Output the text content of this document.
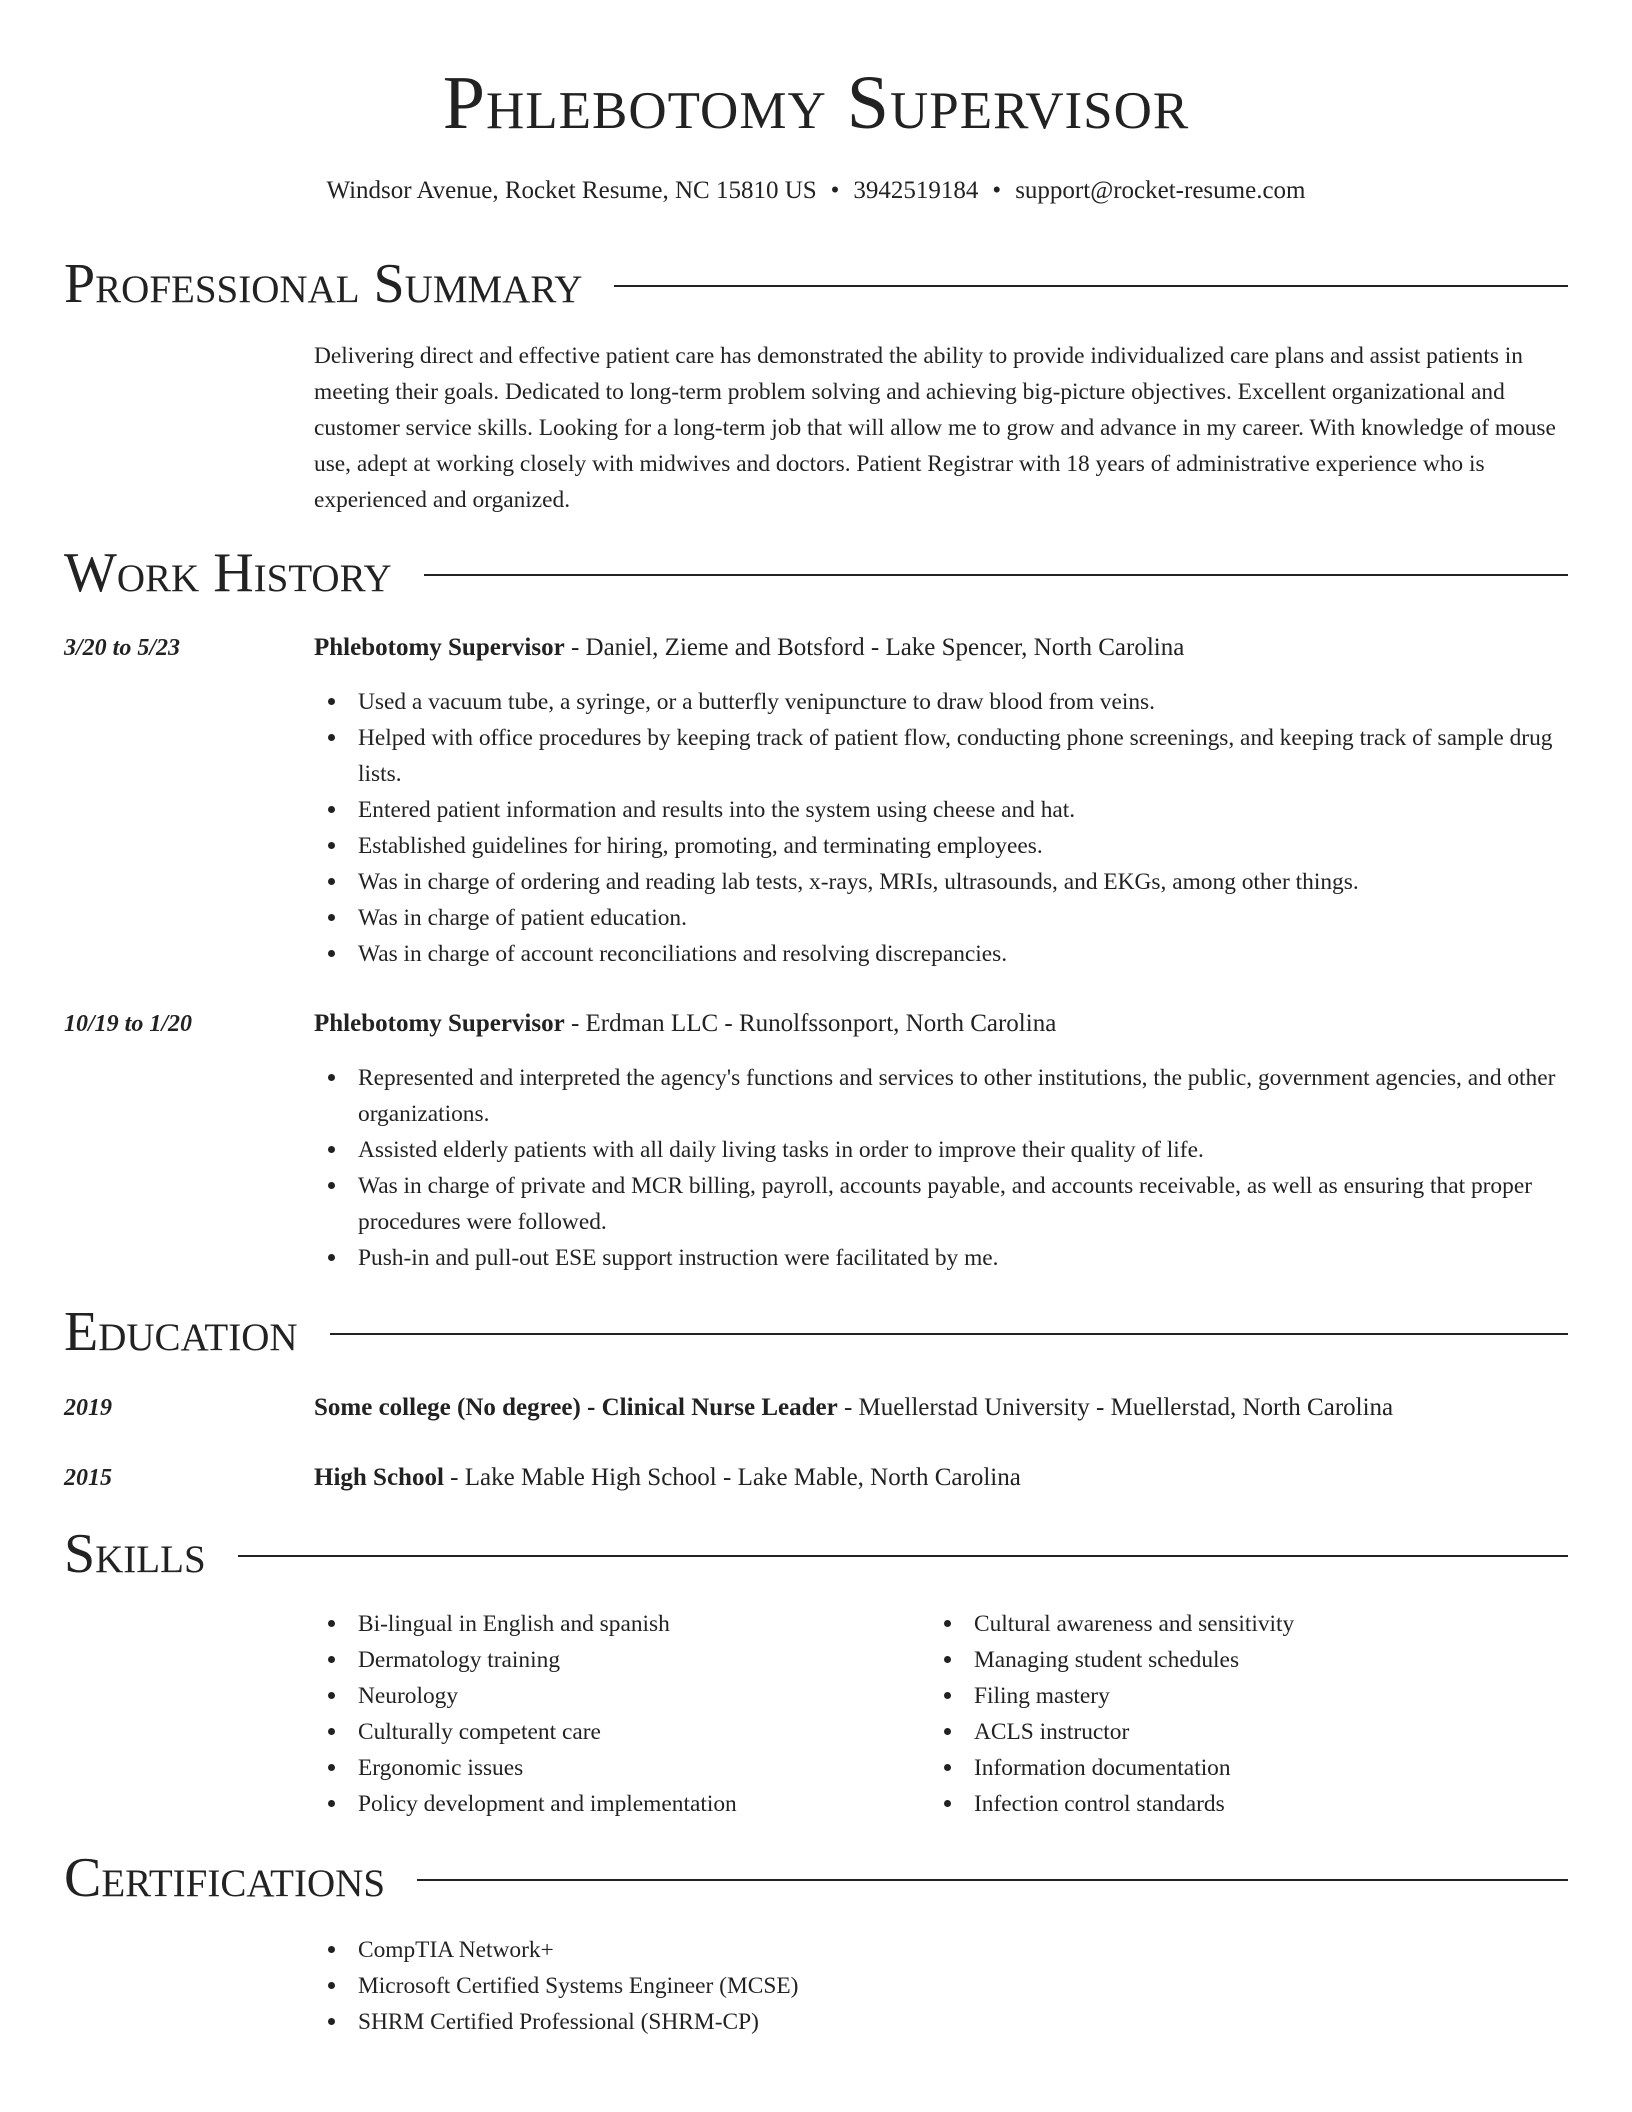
Phlebotomy Supervisor
Windsor Avenue, Rocket Resume, NC 15810 US • 3942519184 • support@rocket-resume.com
Professional Summary
Delivering direct and effective patient care has demonstrated the ability to provide individualized care plans and assist patients in meeting their goals. Dedicated to long-term problem solving and achieving big-picture objectives. Excellent organizational and customer service skills. Looking for a long-term job that will allow me to grow and advance in my career. With knowledge of mouse use, adept at working closely with midwives and doctors. Patient Registrar with 18 years of administrative experience who is experienced and organized.
Work History
3/20 to 5/23	Phlebotomy Supervisor - Daniel, Zieme and Botsford - Lake Spencer, North Carolina
Used a vacuum tube, a syringe, or a butterfly venipuncture to draw blood from veins.
Helped with office procedures by keeping track of patient flow, conducting phone screenings, and keeping track of sample drug lists.
Entered patient information and results into the system using cheese and hat.
Established guidelines for hiring, promoting, and terminating employees.
Was in charge of ordering and reading lab tests, x-rays, MRIs, ultrasounds, and EKGs, among other things.
Was in charge of patient education.
Was in charge of account reconciliations and resolving discrepancies.
10/19 to 1/20	Phlebotomy Supervisor - Erdman LLC - Runolfssonport, North Carolina
Represented and interpreted the agency's functions and services to other institutions, the public, government agencies, and other organizations.
Assisted elderly patients with all daily living tasks in order to improve their quality of life.
Was in charge of private and MCR billing, payroll, accounts payable, and accounts receivable, as well as ensuring that proper procedures were followed.
Push-in and pull-out ESE support instruction were facilitated by me.
Education
2019	Some college (No degree) - Clinical Nurse Leader - Muellerstad University - Muellerstad, North Carolina
2015	High School - Lake Mable High School - Lake Mable, North Carolina
Skills
Bi-lingual in English and spanish
Dermatology training
Neurology
Culturally competent care
Ergonomic issues
Policy development and implementation
Cultural awareness and sensitivity
Managing student schedules
Filing mastery
ACLS instructor
Information documentation
Infection control standards
Certifications
CompTIA Network+
Microsoft Certified Systems Engineer (MCSE)
SHRM Certified Professional (SHRM-CP)
